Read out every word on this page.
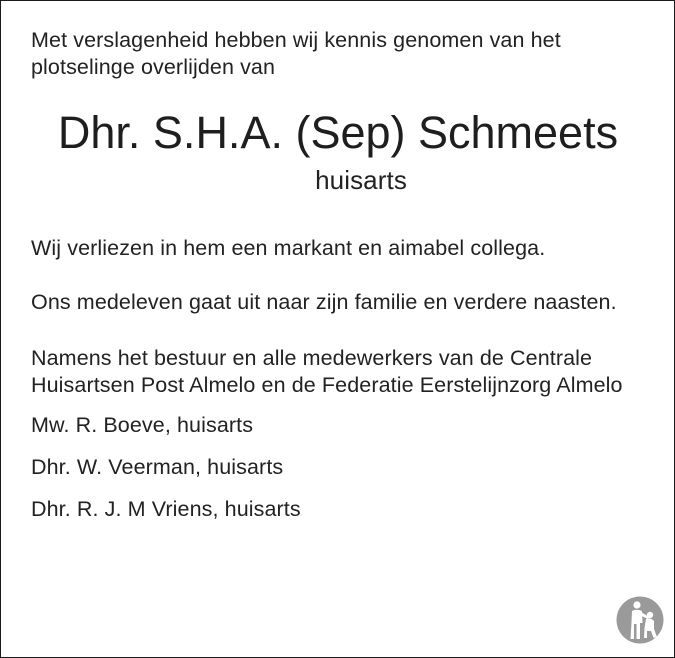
Met verslagenheid hebben wij kennis genomen van het plotselinge overlijden van

Dhr. S.H.A. (Sep) Schmeets

huisarts

Wij verliezen in hem een markant en aimabel collega.

Ons medeleven gaat uit naar zijn familie en verdere naasten.

Namens het bestuur en alle medewerkers van de Centrale Huisartsen Post Almelo en de Federatie Eerstelijnzorg Almelo

Mw. R. Boeve, huisarts

Dhr. W. Veerman, huisarts

Dhr. R. J. M Vriens, huisarts
